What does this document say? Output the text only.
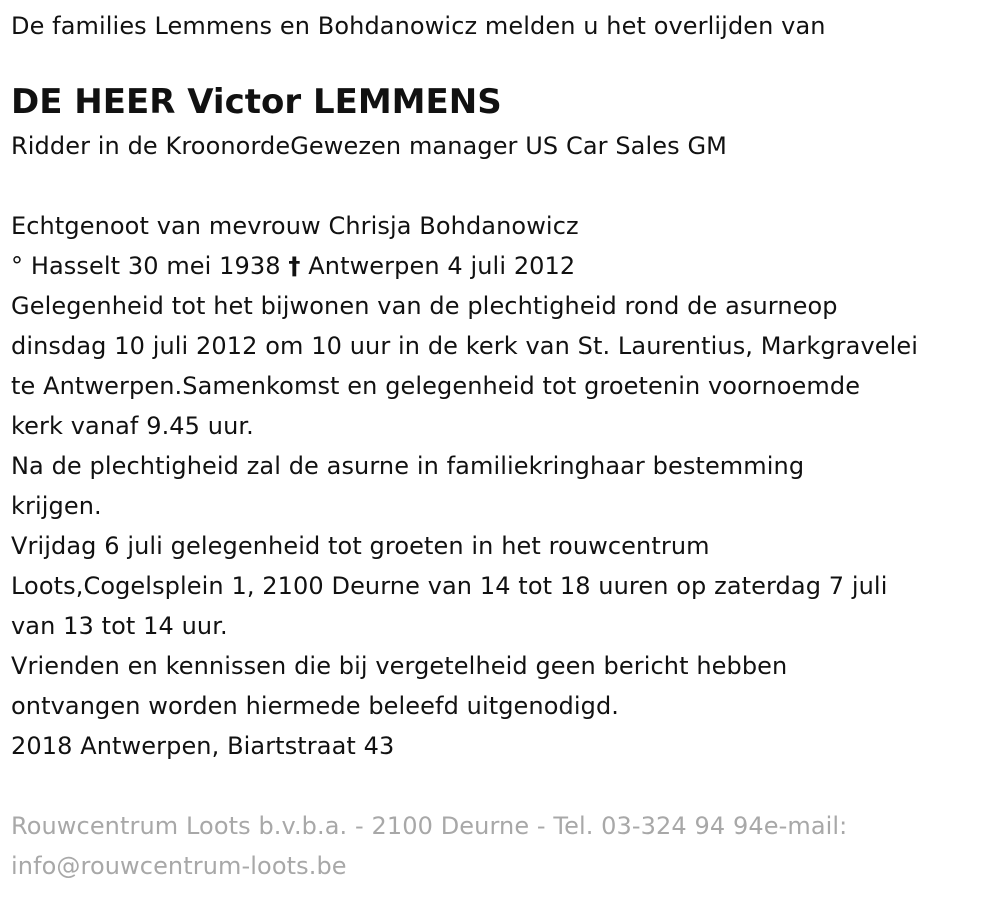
De families Lemmens en Bohdanowicz melden u het overlijden van
DE HEER Victor LEMMENS
Ridder in de KroonordeGewezen manager US Car Sales GM
Echtgenoot van mevrouw Chrisja Bohdanowicz
° Hasselt 30 mei 1938 † Antwerpen 4 juli 2012
Gelegenheid tot het bijwonen van de plechtigheid rond de asurneop
dinsdag 10 juli 2012 om 10 uur in de kerk van St. Laurentius, Markgravelei
te Antwerpen.Samenkomst en gelegenheid tot groetenin voornoemde
kerk vanaf 9.45 uur.
Na de plechtigheid zal de asurne in familiekringhaar bestemming
krijgen.
Vrijdag 6 juli gelegenheid tot groeten in het rouwcentrum
Loots,Cogelsplein 1, 2100 Deurne van 14 tot 18 uuren op zaterdag 7 juli
van 13 tot 14 uur.
Vrienden en kennissen die bij vergetelheid geen bericht hebben
ontvangen worden hiermede beleefd uitgenodigd.
2018 Antwerpen, Biartstraat 43
Rouwcentrum Loots b.v.b.a. - 2100 Deurne - Tel. 03-324 94 94e-mail:
info@rouwcentrum-loots.be
